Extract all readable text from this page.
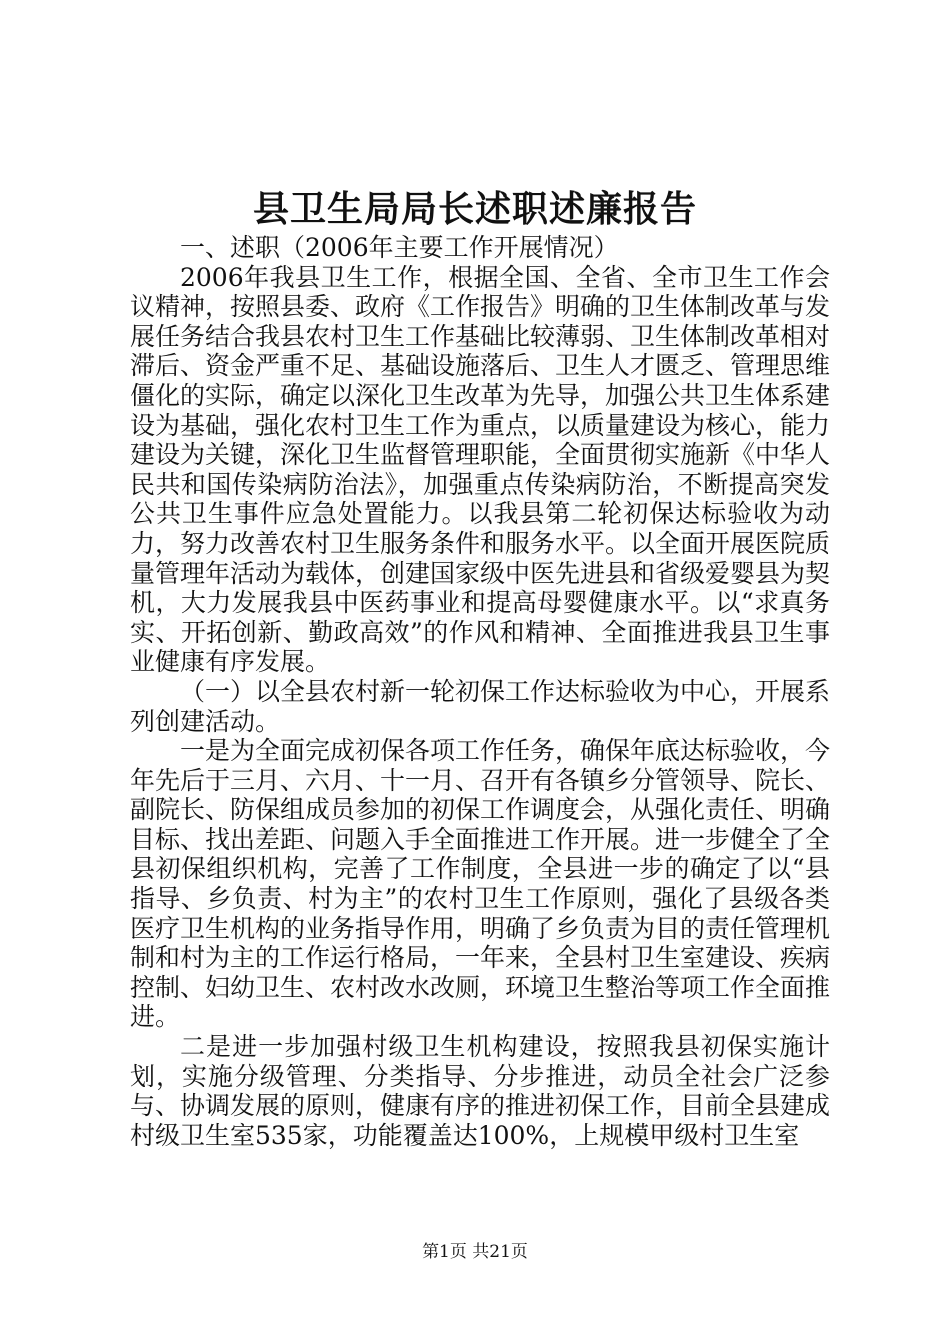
县卫生局局长述职述廉报告

一、述职（2006年主要工作开展情况）

2006年我县卫生工作，根据全国、全省、全市卫生工作会议精神，按照县委、政府《工作报告》明确的卫生体制改革与发展任务结合我县农村卫生工作基础比较薄弱、卫生体制改革相对滞后、资金严重不足、基础设施落后、卫生人才匮乏、管理思维僵化的实际，确定以深化卫生改革为先导，加强公共卫生体系建设为基础，强化农村卫生工作为重点，以质量建设为核心，能力建设为关键，深化卫生监督管理职能，全面贯彻实施新《中华人民共和国传染病防治法》，加强重点传染病防治，不断提高突发公共卫生事件应急处置能力。以我县第二轮初保达标验收为动力，努力改善农村卫生服务条件和服务水平。以全面开展医院质量管理年活动为载体，创建国家级中医先进县和省级爱婴县为契机，大力发展我县中医药事业和提高母婴健康水平。以“求真务实、开拓创新、勤政高效”的作风和精神、全面推进我县卫生事业健康有序发展。

（一）以全县农村新一轮初保工作达标验收为中心，开展系列创建活动。

一是为全面完成初保各项工作任务，确保年底达标验收，今年先后于三月、六月、十一月、召开有各镇乡分管领导、院长、副院长、防保组成员参加的初保工作调度会，从强化责任、明确目标、找出差距、问题入手全面推进工作开展。进一步健全了全县初保组织机构，完善了工作制度，全县进一步的确定了以“县指导、乡负责、村为主”的农村卫生工作原则，强化了县级各类医疗卫生机构的业务指导作用，明确了乡负责为目的责任管理机制和村为主的工作运行格局，一年来，全县村卫生室建设、疾病控制、妇幼卫生、农村改水改厕，环境卫生整治等项工作全面推进。

二是进一步加强村级卫生机构建设，按照我县初保实施计划，实施分级管理、分类指导、分步推进，动员全社会广泛参与、协调发展的原则，健康有序的推进初保工作，目前全县建成村级卫生室535家，功能覆盖达100%，上规模甲级村卫生室

第1页 共21页
